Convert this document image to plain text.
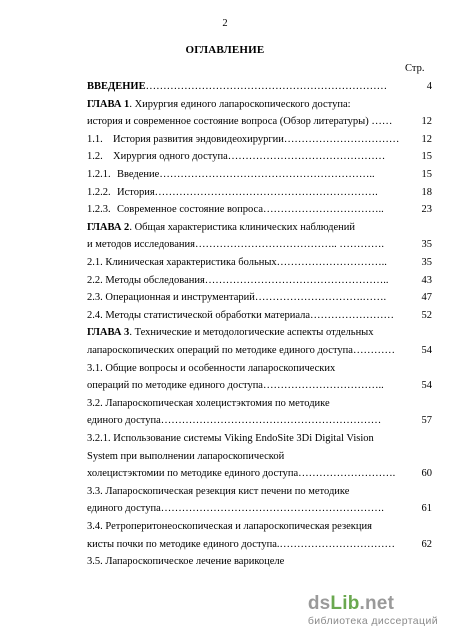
2
ОГЛАВЛЕНИЕ
Стр.
ВВЕДЕНИЕ……………………………………………………………	4
ГЛАВА 1. Хирургия единого лапароскопического доступа:
история и современное состояние вопроса (Обзор литературы) ……	12
1.1. История развития эндовидеохирургии……………………………	12
1.2. Хирургия одного доступа………………………………………	15
1.2.1. Введение……………………………………………………..	15
1.2.2. История……………………………………………………….	18
1.2.3. Современное состояние вопроса……………………………..	23
ГЛАВА 2. Общая характеристика клинических наблюдений
и методов исследования………………………………….. ………….	35
2.1. Клиническая характеристика больных…………………………..	35
2.2. Методы обследования……………………………………………..	43
2.3. Операционная и инструментарий………………………….…….	47
2.4. Методы статистической обработки материала……………………	52
ГЛАВА 3. Технические и методологические аспекты отдельных
лапароскопических операций по методике единого доступа…………	54
3.1. Общие вопросы и особенности лапароскопических
операций по методике единого доступа……………………………..	54
3.2. Лапароскопическая холецистэктомия по методике
единого доступа………………………………………………………	57
3.2.1. Использование системы Viking EndoSite 3Di Digital Vision
System при выполнении лапароскопической
холецистэктомии по методике единого доступа……………………….	60
3.3. Лапароскопическая резекция кист печени по методике
единого доступа……………………………………………………….	61
3.4. Ретроперитонеоскопическая и лапароскопическая резекция
кисты почки по методике единого доступа.……………………………	62
3.5. Лапароскопическое лечение варикоцеле
dsLib.net
библиотека диссертаций
